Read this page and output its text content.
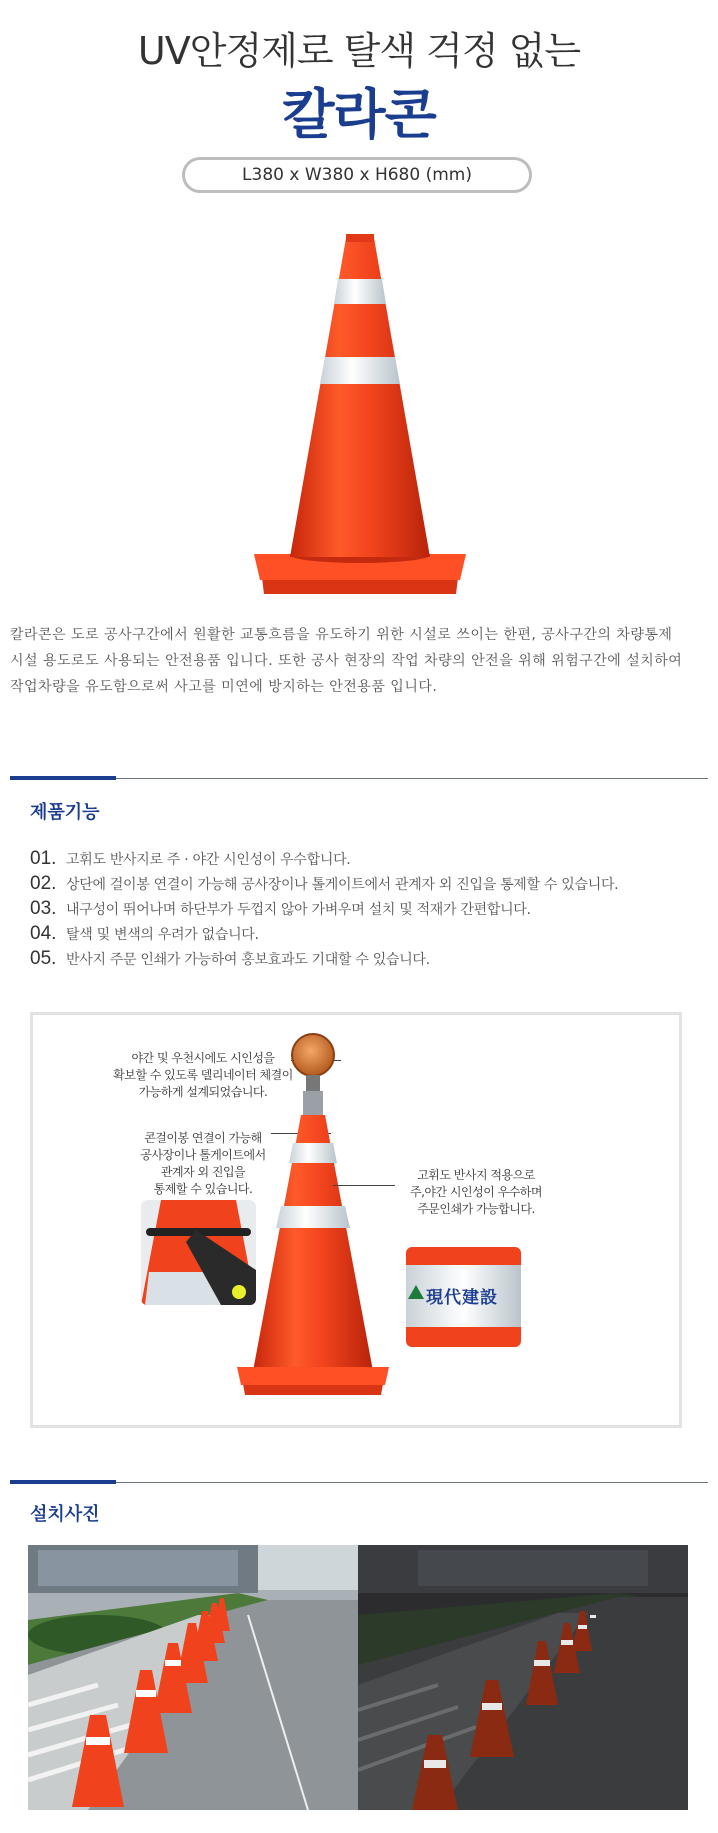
UV안정제로 탈색 걱정 없는
칼라콘
L380 x W380 x H680 (mm)

칼라콘은 도로 공사구간에서 원활한 교통흐름을 유도하기 위한 시설로 쓰이는 한편, 공사구간의 차량통제

시설 용도로도 사용되는 안전용품 입니다. 또한 공사 현장의 작업 차량의 안전을 위해 위험구간에 설치하여

작업차량을 유도함으로써 사고를 미연에 방지하는 안전용품 입니다.

제품기능
01. 고휘도 반사지로 주 · 야간 시인성이 우수합니다.
02. 상단에 걸이봉 연결이 가능해 공사장이나 톨게이트에서 관계자 외 진입을 통제할 수 있습니다.
03. 내구성이 뛰어나며 하단부가 두껍지 않아 가벼우며 설치 및 적재가 간편합니다.
04. 탈색 및 변색의 우려가 없습니다.
05. 반사지 주문 인쇄가 가능하여 홍보효과도 기대할 수 있습니다.
야간 및 우천시에도 시인성을
확보할 수 있도록 델리네이터 체결이
가능하게 설계되었습니다.
콘걸이봉 연결이 가능해
공사장이나 톨게이트에서
관계자 외 진입을
통제할 수 있습니다.
고휘도 반사지 적용으로
주,야간 시인성이 우수하며
주문인쇄가 가능합니다.
現代建設
설치사진
